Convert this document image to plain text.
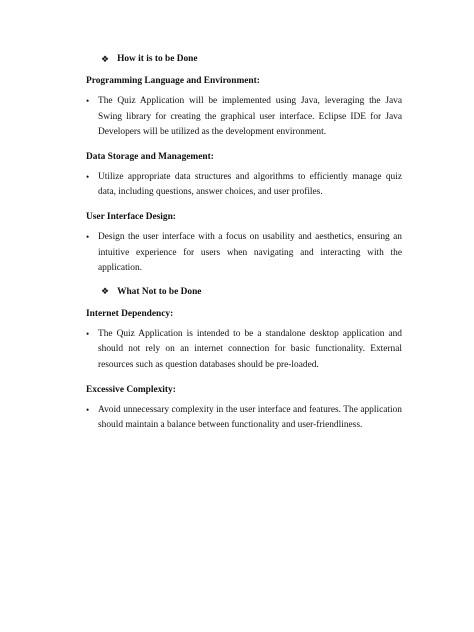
❖ How it is to be Done

Programming Language and Environment:

• The Quiz Application will be implemented using Java, leveraging the Java Swing library for creating the graphical user interface. Eclipse IDE for Java Developers will be utilized as the development environment.

Data Storage and Management:

• Utilize appropriate data structures and algorithms to efficiently manage quiz data, including questions, answer choices, and user profiles.

User Interface Design:

• Design the user interface with a focus on usability and aesthetics, ensuring an intuitive experience for users when navigating and interacting with the application.
❖ What Not to be Done

Internet Dependency:

• The Quiz Application is intended to be a standalone desktop application and should not rely on an internet connection for basic functionality. External resources such as question databases should be pre-loaded.

Excessive Complexity:

• Avoid unnecessary complexity in the user interface and features. The application should maintain a balance between functionality and user-friendliness.
